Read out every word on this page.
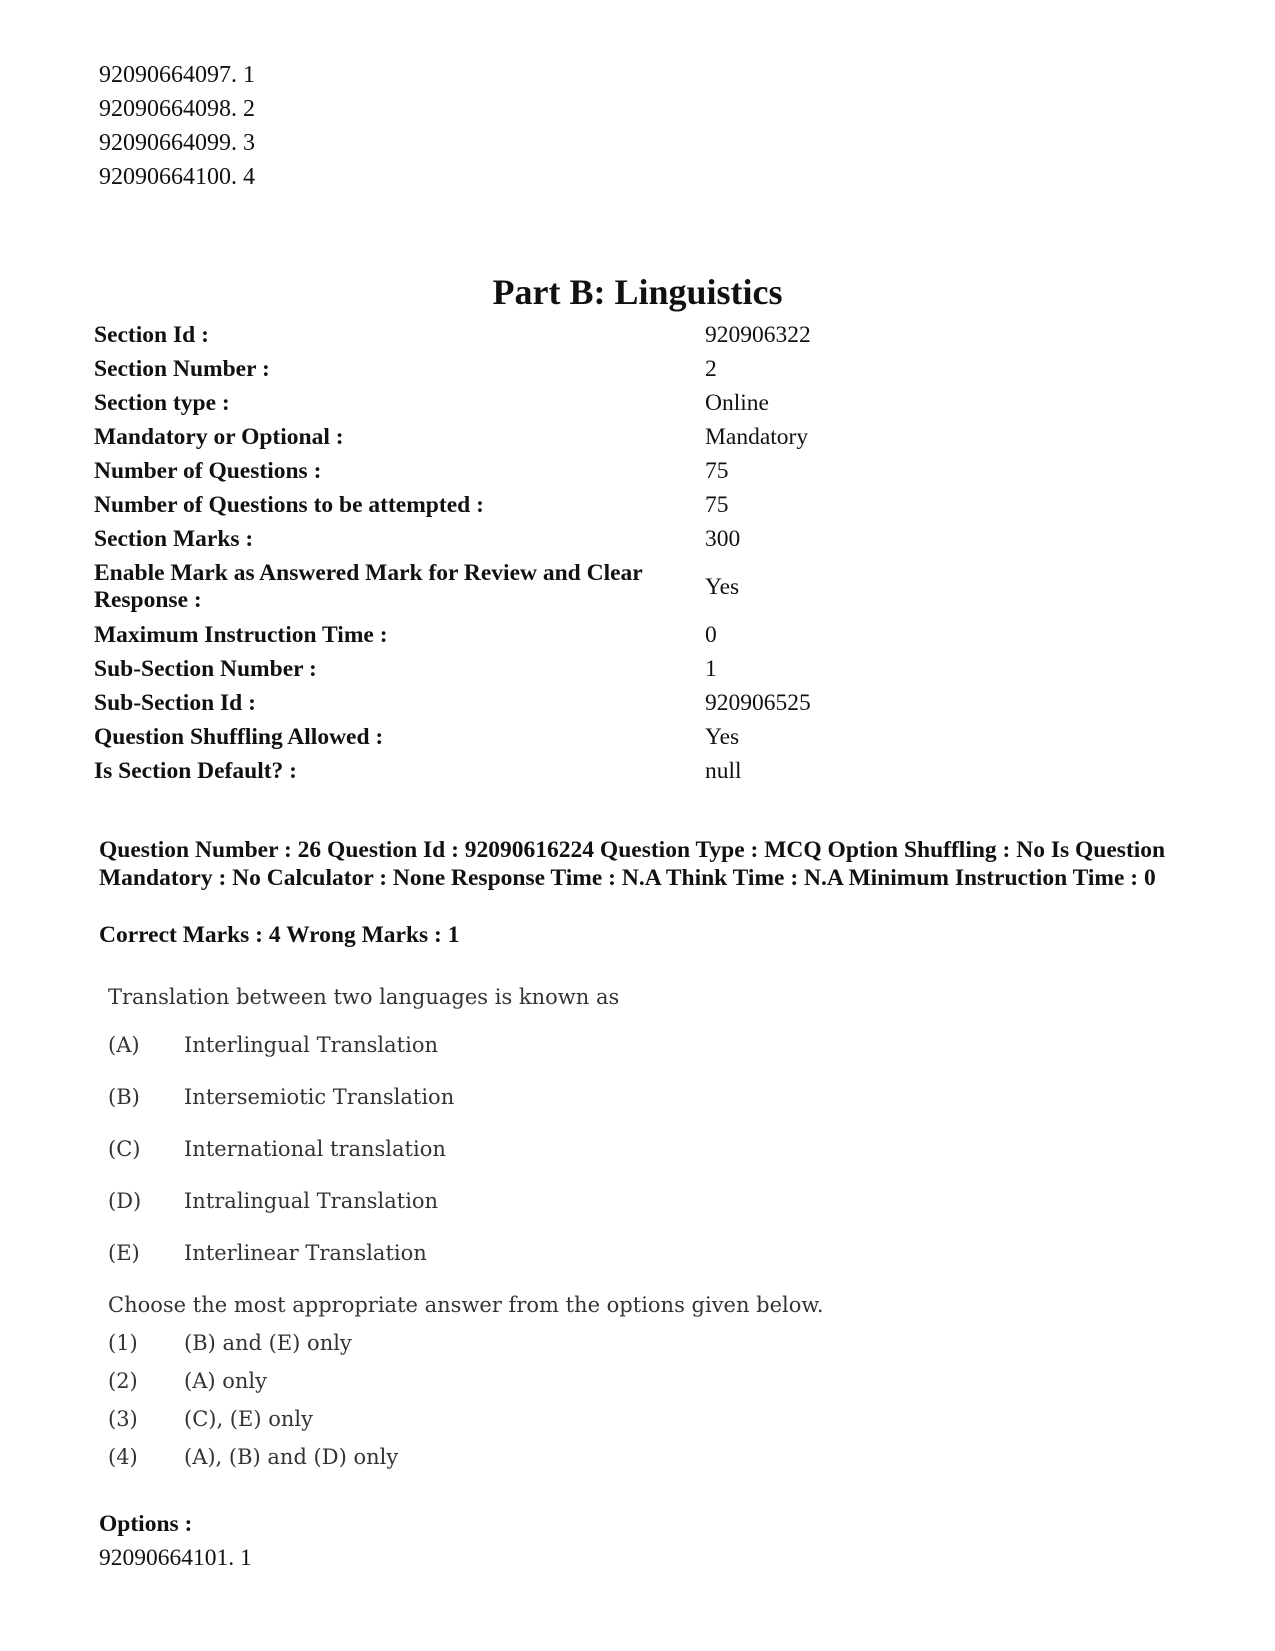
92090664097. 1
92090664098. 2
92090664099. 3
92090664100. 4
Part B: Linguistics
Section Id :	920906322
Section Number :	2
Section type :	Online
Mandatory or Optional :	Mandatory
Number of Questions :	75
Number of Questions to be attempted :	75
Section Marks :	300
Enable Mark as Answered Mark for Review and Clear Response :	Yes
Maximum Instruction Time :	0
Sub-Section Number :	1
Sub-Section Id :	920906525
Question Shuffling Allowed :	Yes
Is Section Default? :	null
Question Number : 26 Question Id : 92090616224 Question Type : MCQ Option Shuffling : No Is Question Mandatory : No Calculator : None Response Time : N.A Think Time : N.A Minimum Instruction Time : 0
Correct Marks : 4 Wrong Marks : 1
Translation between two languages is known as
(A) Interlingual Translation
(B) Intersemiotic Translation
(C) International translation
(D) Intralingual Translation
(E) Interlinear Translation
Choose the most appropriate answer from the options given below.
(1) (B) and (E) only
(2) (A) only
(3) (C), (E) only
(4) (A), (B) and (D) only
Options :
92090664101. 1
